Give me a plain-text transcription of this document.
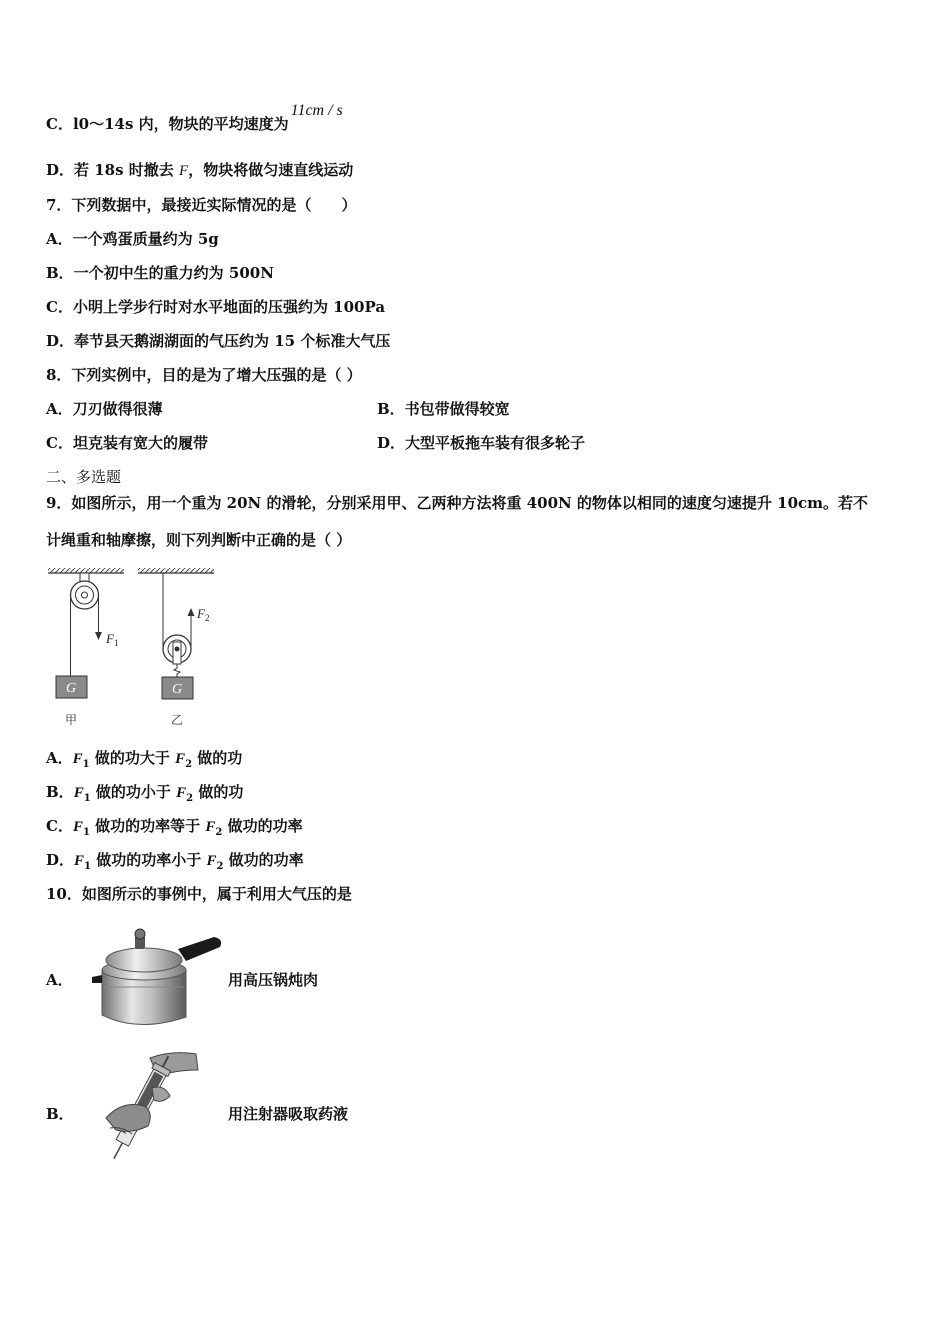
C．l0～14s 内，物块的平均速度为11cm / s
D．若 18s 时撤去 F，物块将做匀速直线运动
7．下列数据中，最接近实际情况的是（　　）
A．一个鸡蛋质量约为 5g
B．一个初中生的重力约为 500N
C．小明上学步行时对水平地面的压强约为 100Pa
D．奉节县天鹅湖湖面的气压约为 15 个标准大气压
8．下列实例中，目的是为了增大压强的是（ ）
A．刀刃做得很薄	B．书包带做得较宽
C．坦克装有宽大的履带	D．大型平板拖车装有很多轮子
二、多选题
9．如图所示，用一个重为 20N 的滑轮，分别采用甲、乙两种方法将重 400N 的物体以相同的速度匀速提升 10cm。若不
计绳重和轴摩擦，则下列判断中正确的是（ ）
$F_1$
G
$F_2$
G
甲	乙
A．$F_1$ 做的功大于 $F_2$ 做的功
B．$F_1$ 做的功小于 $F_2$ 做的功
C．$F_1$ 做功的功率等于 $F_2$ 做功的功率
D．$F_1$ 做功的功率小于 $F_2$ 做功的功率
10．如图所示的事例中，属于利用大气压的是
A．	用高压锅炖肉
B．	用注射器吸取药液
